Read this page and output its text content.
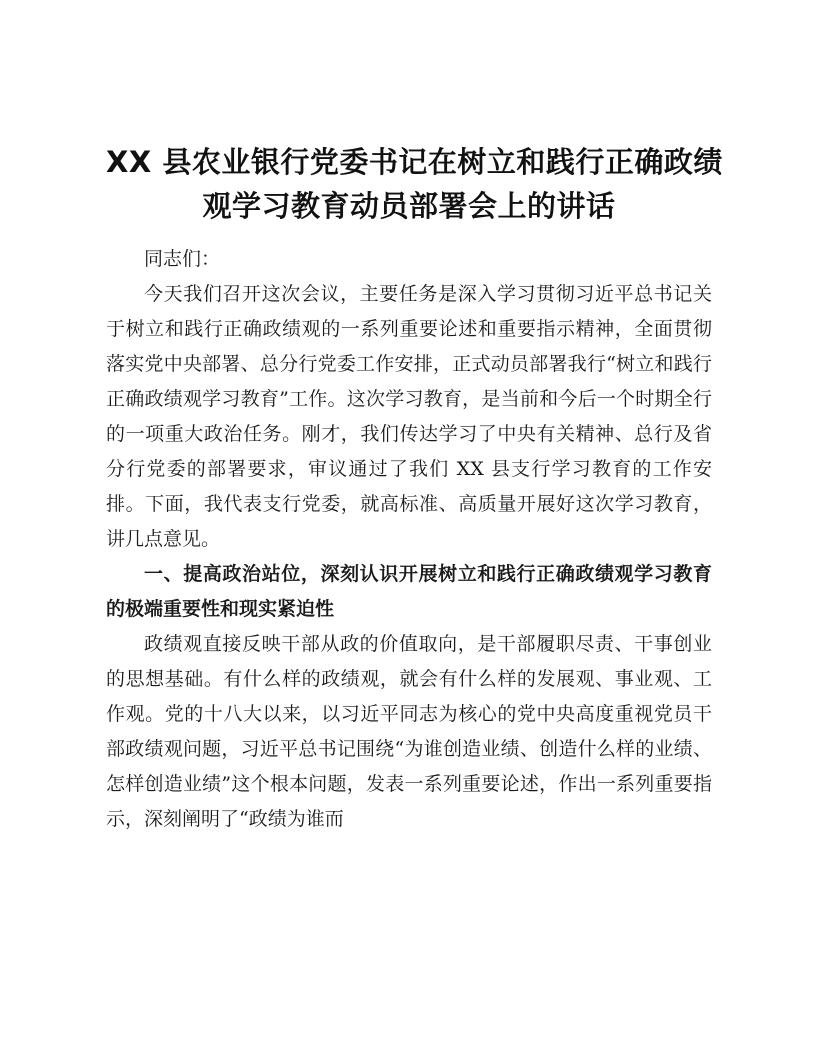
XX 县农业银行党委书记在树立和践行正确政绩
观学习教育动员部署会上的讲话

同志们：

今天我们召开这次会议，主要任务是深入学习贯彻习近平总书记关于树立和践行正确政绩观的一系列重要论述和重要指示精神，全面贯彻落实党中央部署、总分行党委工作安排，正式动员部署我行“树立和践行正确政绩观学习教育”工作。这次学习教育，是当前和今后一个时期全行的一项重大政治任务。刚才，我们传达学习了中央有关精神、总行及省分行党委的部署要求，审议通过了我们 XX 县支行学习教育的工作安排。下面，我代表支行党委，就高标准、高质量开展好这次学习教育，讲几点意见。

一、提高政治站位，深刻认识开展树立和践行正确政绩观学习教育的极端重要性和现实紧迫性

政绩观直接反映干部从政的价值取向，是干部履职尽责、干事创业的思想基础。有什么样的政绩观，就会有什么样的发展观、事业观、工作观。党的十八大以来，以习近平同志为核心的党中央高度重视党员干部政绩观问题，习近平总书记围绕“为谁创造业绩、创造什么样的业绩、怎样创造业绩”这个根本问题，发表一系列重要论述，作出一系列重要指示，深刻阐明了“政绩为谁而
